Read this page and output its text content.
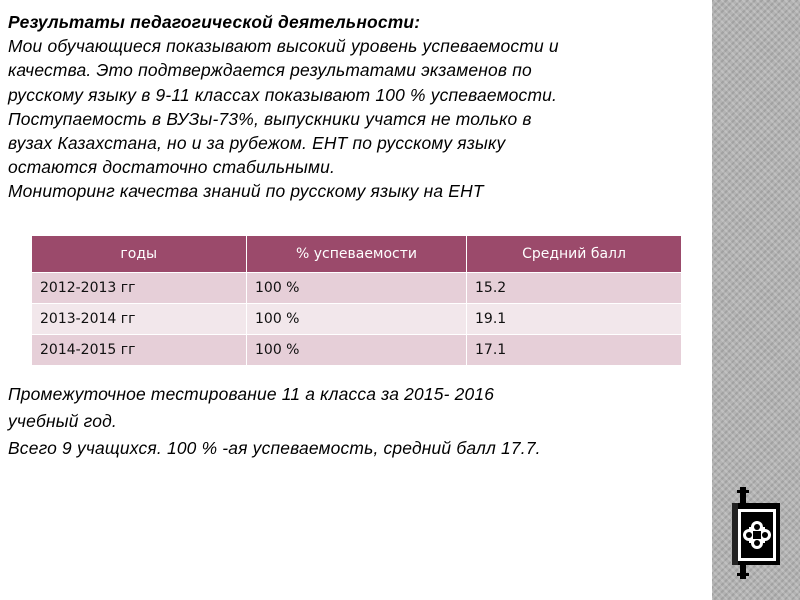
Результаты педагогической деятельности:
Мои обучающиеся показывают высокий уровень успеваемости и
качества. Это подтверждается результатами экзаменов по
русскому языку в 9-11 классах показывают 100 % успеваемости.
Поступаемость в ВУЗы-73%, выпускники учатся не только в
вузах Казахстана, но и за рубежом. ЕНТ по русскому языку
остаются достаточно стабильными.
Мониторинг качества знаний по русскому языку на ЕНТ
годы	% успеваемости	Средний балл
2012-2013 гг	100 %	15.2
2013-2014 гг	100 %	19.1
2014-2015 гг	100 %	17.1
Промежуточное тестирование 11 а класса за 2015- 2016
учебный год.
Всего 9 учащихся. 100 % -ая успеваемость, средний балл 17.7.
